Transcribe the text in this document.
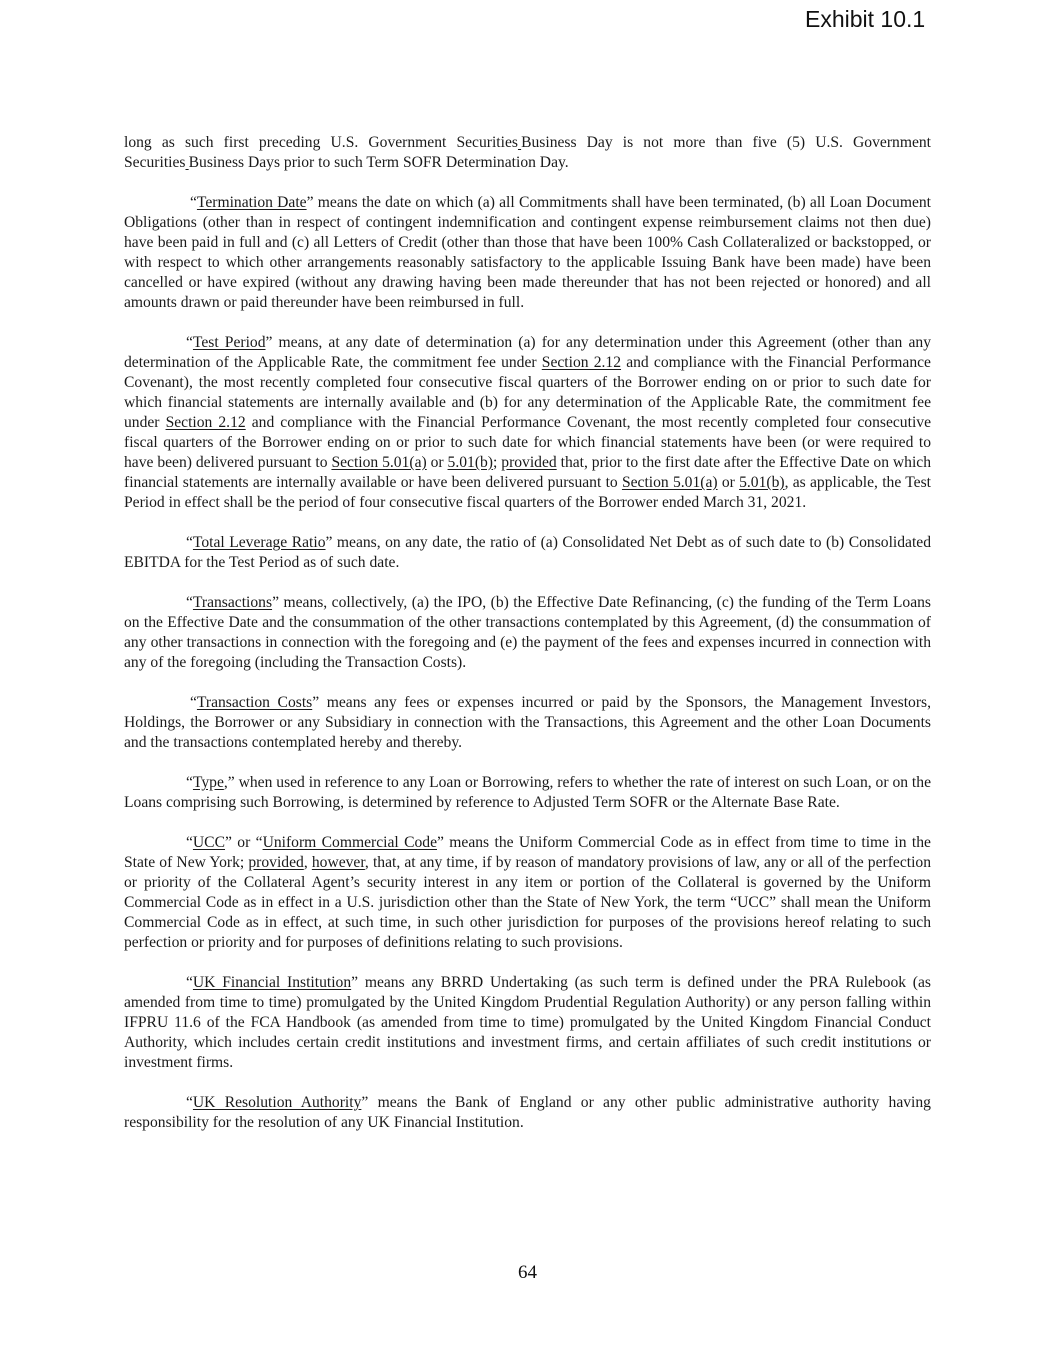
Exhibit 10.1

long as such first preceding U.S. Government Securities  Business Day is not more than five (5) U.S. Government Securities  Business Days prior to such Term SOFR Determination Day.

“Termination Date” means the date on which (a) all Commitments shall have been terminated, (b) all Loan Document Obligations (other than in respect of contingent indemnification and contingent expense reimbursement claims not then due) have been paid in full and (c) all Letters of Credit (other than those that have been 100% Cash Collateralized or backstopped, or with respect to which other arrangements reasonably satisfactory to the applicable Issuing Bank have been made) have been cancelled or have expired (without any drawing having been made thereunder that has not been rejected or honored) and all amounts drawn or paid thereunder have been reimbursed in full.

“Test Period” means, at any date of determination (a) for any determination under this Agreement (other than any determination of the Applicable Rate, the commitment fee under Section 2.12 and compliance with the Financial Performance Covenant), the most recently completed four consecutive fiscal quarters of the Borrower ending on or prior to such date for which financial statements are internally available and (b) for any determination of the Applicable Rate, the commitment fee under Section 2.12 and compliance with the Financial Performance Covenant, the most recently completed four consecutive fiscal quarters of the Borrower ending on or prior to such date for which financial statements have been (or were required to have been) delivered pursuant to Section 5.01(a) or 5.01(b); provided that, prior to the first date after the Effective Date on which financial statements are internally available or have been delivered pursuant to Section 5.01(a) or 5.01(b), as applicable, the Test Period in effect shall be the period of four consecutive fiscal quarters of the Borrower ended March 31, 2021.

“Total Leverage Ratio” means, on any date, the ratio of (a) Consolidated Net Debt as of such date to (b) Consolidated EBITDA for the Test Period as of such date.

“Transactions” means, collectively, (a) the IPO, (b) the Effective Date Refinancing, (c) the funding of the Term Loans on the Effective Date and the consummation of the other transactions contemplated by this Agreement, (d) the consummation of any other transactions in connection with the foregoing and (e) the payment of the fees and expenses incurred in connection with any of the foregoing (including the Transaction Costs).

“Transaction Costs” means any fees or expenses incurred or paid by the Sponsors, the Management Investors, Holdings, the Borrower or any Subsidiary in connection with the Transactions, this Agreement and the other Loan Documents and the transactions contemplated hereby and thereby.

“Type,” when used in reference to any Loan or Borrowing, refers to whether the rate of interest on such Loan, or on the Loans comprising such Borrowing, is determined by reference to Adjusted Term SOFR or the Alternate Base Rate.

“UCC” or “Uniform Commercial Code” means the Uniform Commercial Code as in effect from time to time in the State of New York; provided, however, that, at any time, if by reason of mandatory provisions of law, any or all of the perfection or priority of the Collateral Agent’s security interest in any item or portion of the Collateral is governed by the Uniform Commercial Code as in effect in a U.S. jurisdiction other than the State of New York, the term “UCC” shall mean the Uniform Commercial Code as in effect, at such time, in such other jurisdiction for purposes of the provisions hereof relating to such perfection or priority and for purposes of definitions relating to such provisions.

“UK Financial Institution” means any BRRD Undertaking (as such term is defined under the PRA Rulebook (as amended from time to time) promulgated by the United Kingdom Prudential Regulation Authority) or any person falling within IFPRU 11.6 of the FCA Handbook (as amended from time to time) promulgated by the United Kingdom Financial Conduct Authority, which includes certain credit institutions and investment firms, and certain affiliates of such credit institutions or investment firms.

“UK Resolution Authority” means the Bank of England or any other public administrative authority having responsibility for the resolution of any UK Financial Institution.

64
